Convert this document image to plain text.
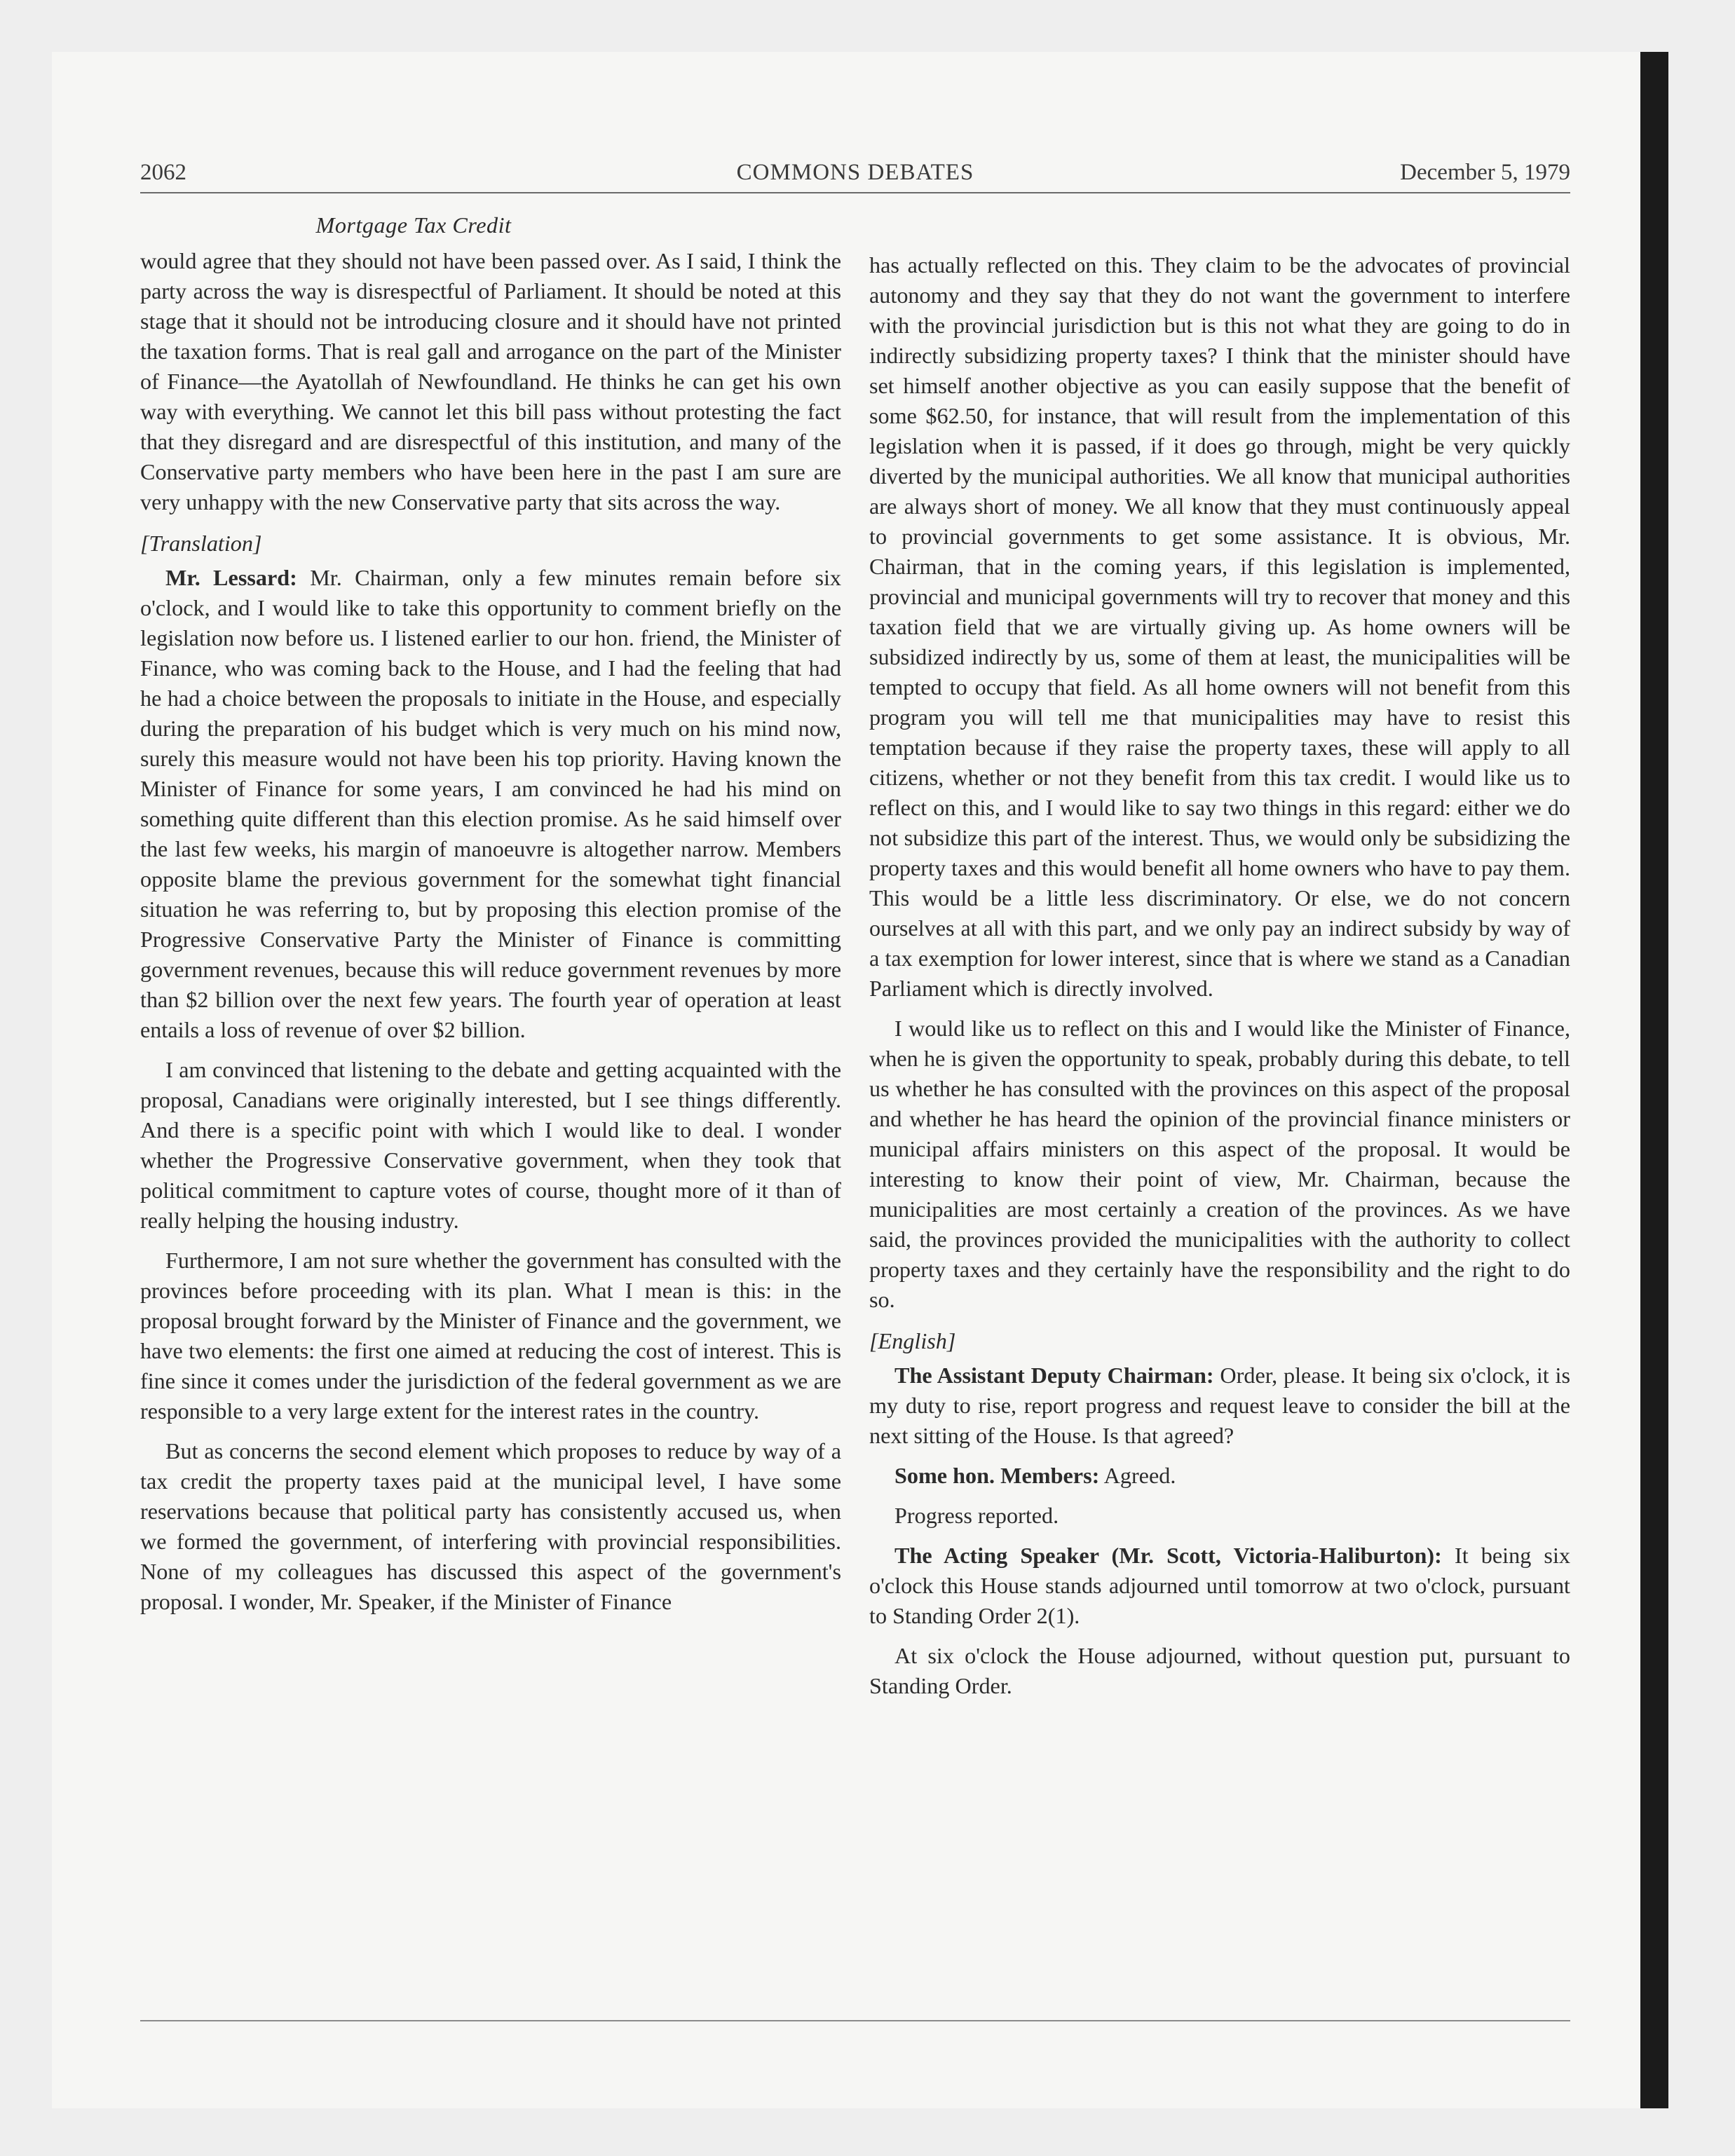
2062	COMMONS DEBATES	December 5, 1979
Mortgage Tax Credit

would agree that they should not have been passed over. As I said, I think the party across the way is disrespectful of Parliament. It should be noted at this stage that it should not be introducing closure and it should have not printed the taxation forms. That is real gall and arrogance on the part of the Minister of Finance—the Ayatollah of Newfoundland. He thinks he can get his own way with everything. We cannot let this bill pass without protesting the fact that they disregard and are disrespectful of this institution, and many of the Conservative party members who have been here in the past I am sure are very unhappy with the new Conservative party that sits across the way.

[Translation]

Mr. Lessard: Mr. Chairman, only a few minutes remain before six o'clock, and I would like to take this opportunity to comment briefly on the legislation now before us. I listened earlier to our hon. friend, the Minister of Finance, who was coming back to the House, and I had the feeling that had he had a choice between the proposals to initiate in the House, and especially during the preparation of his budget which is very much on his mind now, surely this measure would not have been his top priority. Having known the Minister of Finance for some years, I am convinced he had his mind on something quite different than this election promise. As he said himself over the last few weeks, his margin of manoeuvre is altogether narrow. Members opposite blame the previous government for the somewhat tight financial situation he was referring to, but by proposing this election promise of the Progressive Conservative Party the Minister of Finance is committing government revenues, because this will reduce government revenues by more than $2 billion over the next few years. The fourth year of operation at least entails a loss of revenue of over $2 billion.

I am convinced that listening to the debate and getting acquainted with the proposal, Canadians were originally interested, but I see things differently. And there is a specific point with which I would like to deal. I wonder whether the Progressive Conservative government, when they took that political commitment to capture votes of course, thought more of it than of really helping the housing industry.

Furthermore, I am not sure whether the government has consulted with the provinces before proceeding with its plan. What I mean is this: in the proposal brought forward by the Minister of Finance and the government, we have two elements: the first one aimed at reducing the cost of interest. This is fine since it comes under the jurisdiction of the federal government as we are responsible to a very large extent for the interest rates in the country.

But as concerns the second element which proposes to reduce by way of a tax credit the property taxes paid at the municipal level, I have some reservations because that political party has consistently accused us, when we formed the government, of interfering with provincial responsibilities. None of my colleagues has discussed this aspect of the government's proposal. I wonder, Mr. Speaker, if the Minister of Finance

has actually reflected on this. They claim to be the advocates of provincial autonomy and they say that they do not want the government to interfere with the provincial jurisdiction but is this not what they are going to do in indirectly subsidizing property taxes? I think that the minister should have set himself another objective as you can easily suppose that the benefit of some $62.50, for instance, that will result from the implementation of this legislation when it is passed, if it does go through, might be very quickly diverted by the municipal authorities. We all know that municipal authorities are always short of money. We all know that they must continuously appeal to provincial governments to get some assistance. It is obvious, Mr. Chairman, that in the coming years, if this legislation is implemented, provincial and municipal governments will try to recover that money and this taxation field that we are virtually giving up. As home owners will be subsidized indirectly by us, some of them at least, the municipalities will be tempted to occupy that field. As all home owners will not benefit from this program you will tell me that municipalities may have to resist this temptation because if they raise the property taxes, these will apply to all citizens, whether or not they benefit from this tax credit. I would like us to reflect on this, and I would like to say two things in this regard: either we do not subsidize this part of the interest. Thus, we would only be subsidizing the property taxes and this would benefit all home owners who have to pay them. This would be a little less discriminatory. Or else, we do not concern ourselves at all with this part, and we only pay an indirect subsidy by way of a tax exemption for lower interest, since that is where we stand as a Canadian Parliament which is directly involved.

I would like us to reflect on this and I would like the Minister of Finance, when he is given the opportunity to speak, probably during this debate, to tell us whether he has consulted with the provinces on this aspect of the proposal and whether he has heard the opinion of the provincial finance ministers or municipal affairs ministers on this aspect of the proposal. It would be interesting to know their point of view, Mr. Chairman, because the municipalities are most certainly a creation of the provinces. As we have said, the provinces provided the municipalities with the authority to collect property taxes and they certainly have the responsibility and the right to do so.

[English]

The Assistant Deputy Chairman: Order, please. It being six o'clock, it is my duty to rise, report progress and request leave to consider the bill at the next sitting of the House. Is that agreed?

Some hon. Members: Agreed.

Progress reported.

The Acting Speaker (Mr. Scott, Victoria-Haliburton): It being six o'clock this House stands adjourned until tomorrow at two o'clock, pursuant to Standing Order 2(1).

At six o'clock the House adjourned, without question put, pursuant to Standing Order.
